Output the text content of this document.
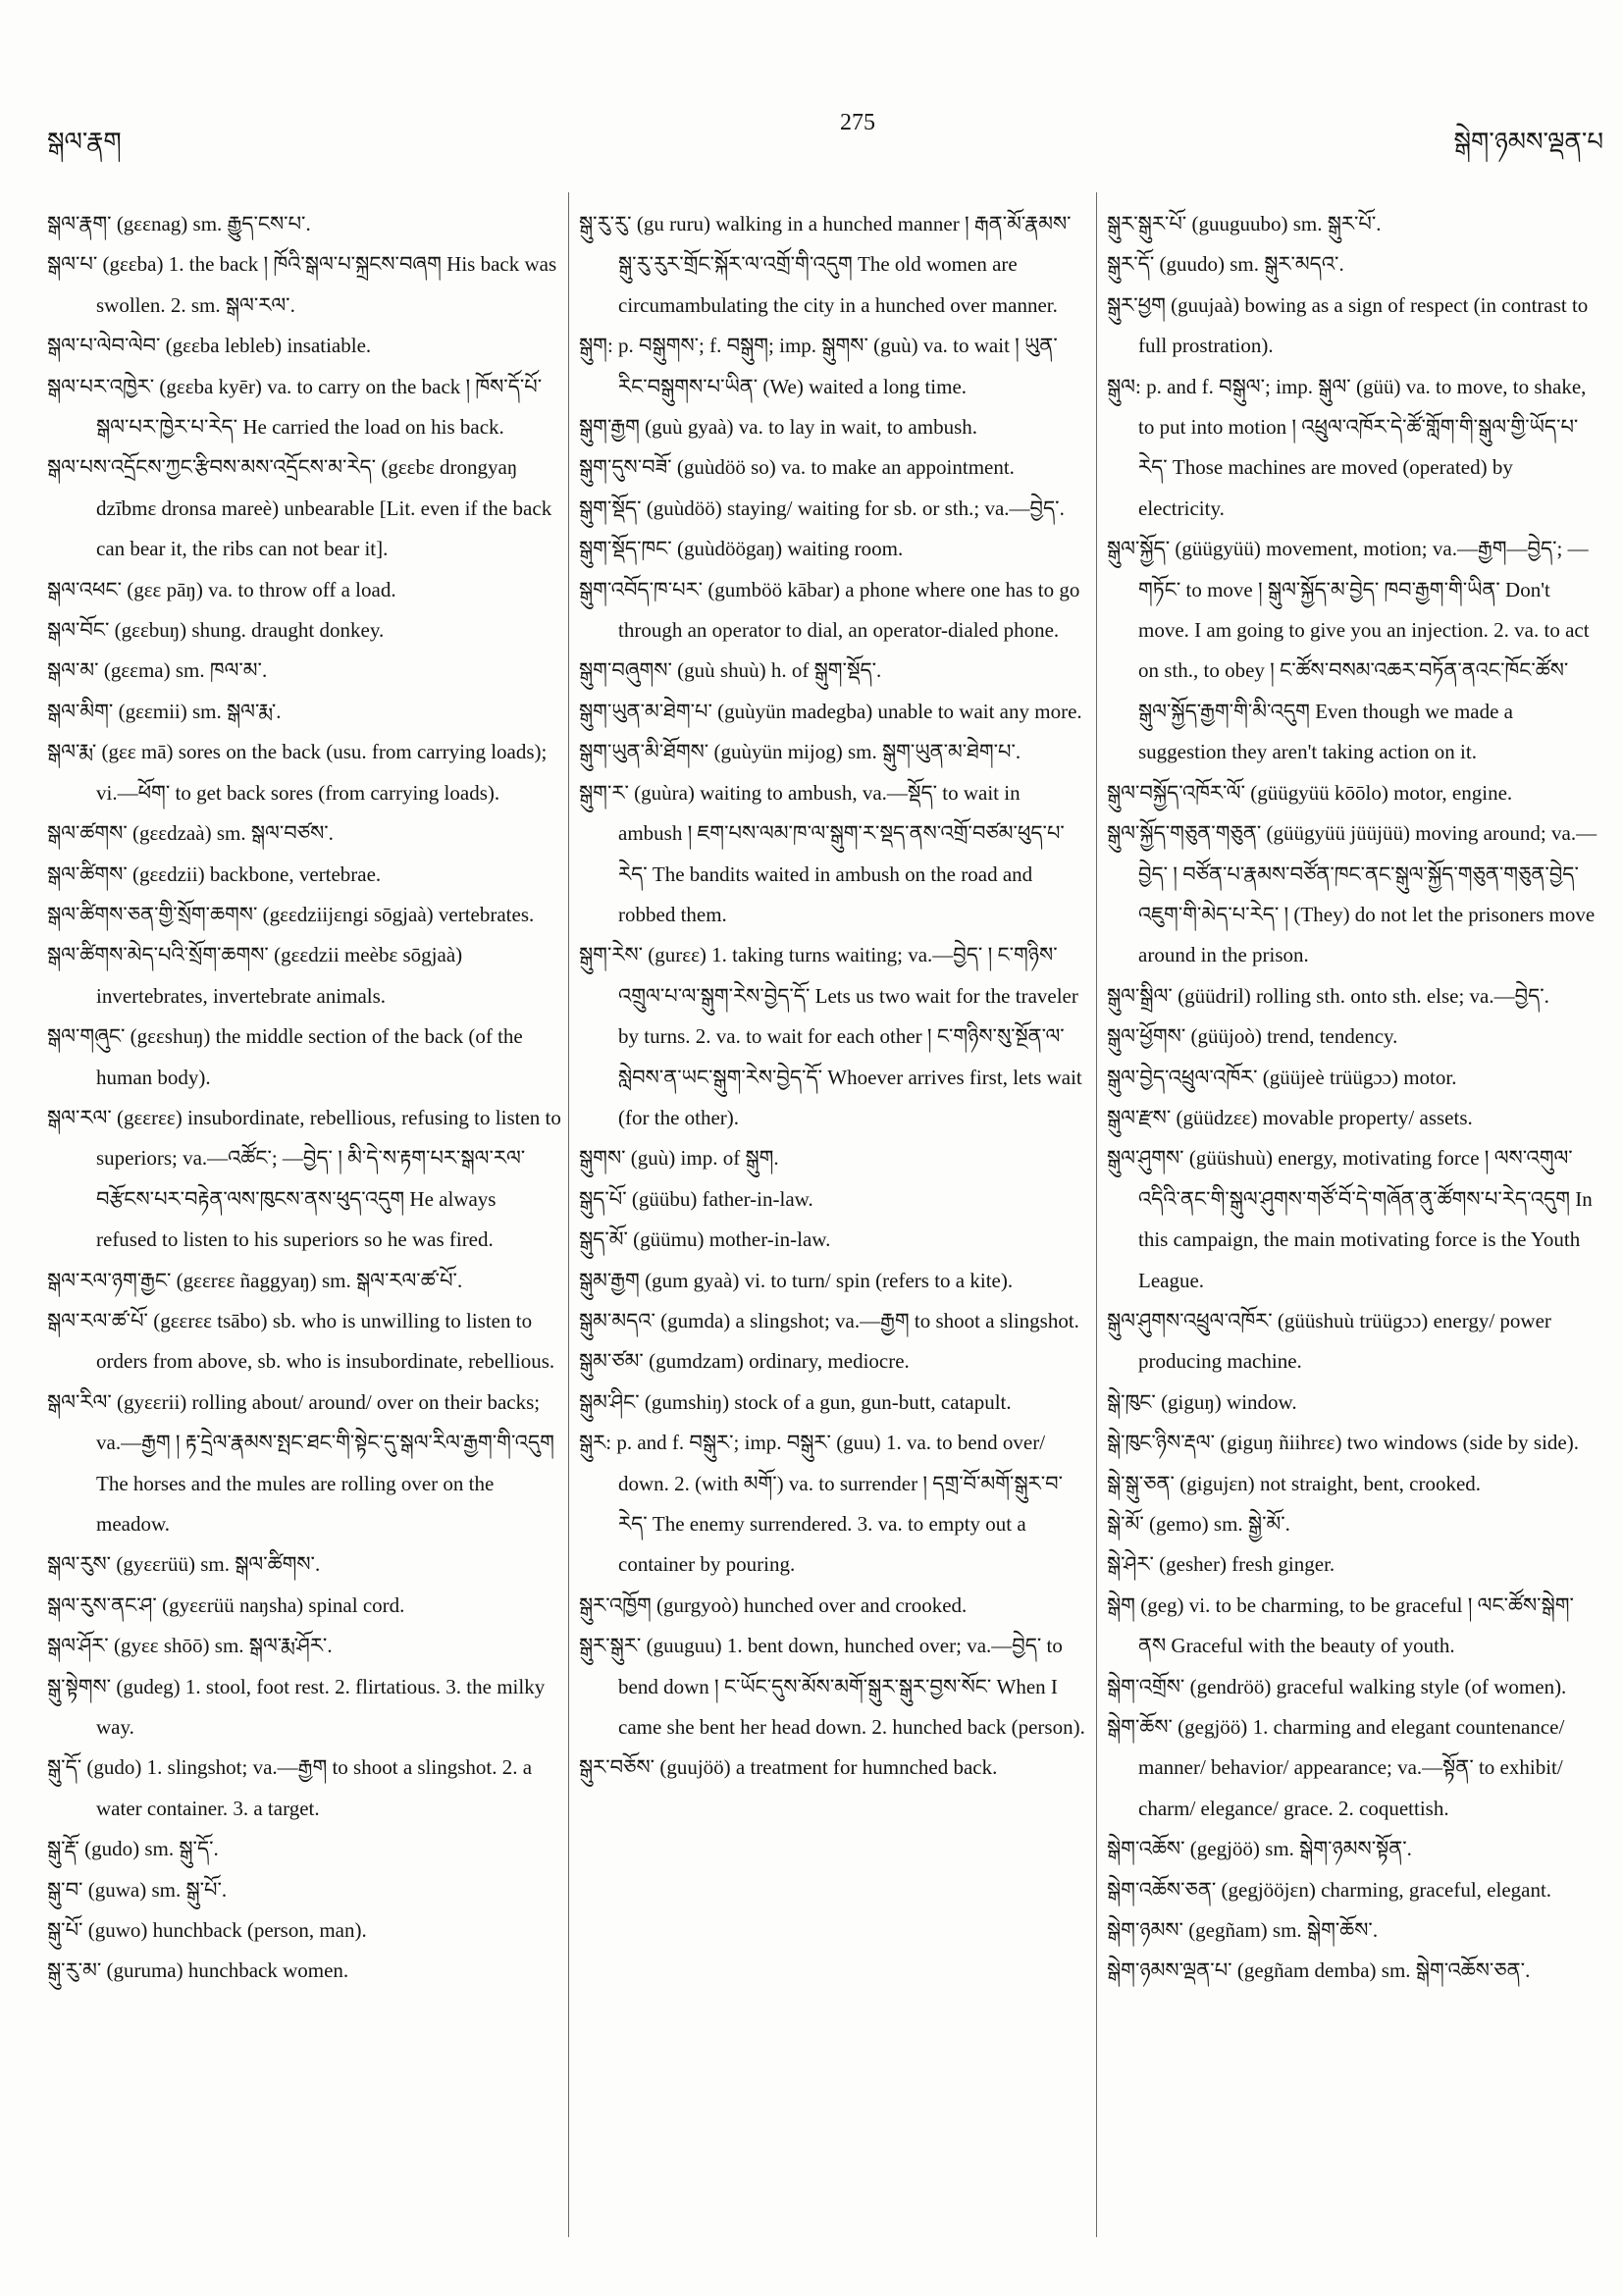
སྒལ་རྣག
275
སྒེག་ཉམས་ལྡན་པ

སྒལ་རྣག་ (gɛɛnag) sm. རྒྱུད་ངས་པ་.

སྒལ་པ་ (gɛɛba) 1. the back ། ཁོའི་སྒལ་པ་སྐྲངས་བཞག His back was swollen. 2. sm. སྒལ་རལ་.

སྒལ་པ་ལེབ་ལེབ་ (gɛɛba lebleb) insatiable.

སྒལ་པར་འཁྱེར་ (gɛɛba kyēr) va. to carry on the back ། ཁོས་དོ་པོ་སྒལ་པར་ཁྱེར་པ་རེད་ He carried the load on his back.

སྒལ་པས་འདྲོངས་ཀྱང་རྩིབས་མས་འདྲོངས་མ་རེད་ (gɛɛbɛ drongyaŋ dzībmɛ dronsa mareè) unbearable [Lit. even if the back can bear it, the ribs can not bear it].

སྒལ་འཕང་ (gɛɛ pāŋ) va. to throw off a load.

སྒལ་བོང་ (gɛɛbuŋ) shung. draught donkey.

སྒལ་མ་ (gɛɛma) sm. ཁལ་མ་.

སྒལ་མིག་ (gɛɛmii) sm. སྒལ་རྨ་.

སྒལ་རྨ་ (gɛɛ mā) sores on the back (usu. from carrying loads); vi.—ཕོག་ to get back sores (from carrying loads).

སྒལ་ཚགས་ (gɛɛdzaà) sm. སྒལ་བཙས་.

སྒལ་ཚིགས་ (gɛɛdzii) backbone, vertebrae.

སྒལ་ཚིགས་ཅན་གྱི་སྲོག་ཆགས་ (gɛɛdziijɛngi sōgjaà) vertebrates.

སྒལ་ཚིགས་མེད་པའི་སྲོག་ཆགས་ (gɛɛdzii meèbɛ sōgjaà) invertebrates, invertebrate animals.

སྒལ་གཞུང་ (gɛɛshuŋ) the middle section of the back (of the human body).

སྒལ་རལ་ (gɛɛrɛɛ) insubordinate, rebellious, refusing to listen to superiors; va.—འཚོང་; —བྱེད་ ། མི་དེ་ས་རྟག་པར་སྒལ་རལ་བརྩོངས་པར་བརྟེན་ལས་ཁུངས་ནས་ཕུད་འདུག He always refused to listen to his superiors so he was fired.

སྒལ་རལ་ཉག་རྒྱང་ (gɛɛrɛɛ ñaggyaŋ) sm. སྒལ་རལ་ཚ་པོ་.

སྒལ་རལ་ཚ་པོ་ (gɛɛrɛɛ tsābo) sb. who is unwilling to listen to orders from above, sb. who is insubordinate, rebellious.

སྒལ་རིལ་ (gyɛɛrii) rolling about/ around/ over on their backs; va.—རྒྱག ། རྟ་དྲེལ་རྣམས་སྤང་ཐང་གི་སྟེང་དུ་སྒལ་རིལ་རྒྱག་གི་འདུག The horses and the mules are rolling over on the meadow.

སྒལ་རུས་ (gyɛɛrüü) sm. སྒལ་ཚིགས་.

སྒལ་རུས་ནང་ཤ་ (gyɛɛrüü naŋsha) spinal cord.

སྒལ་ཤོར་ (gyɛɛ shōō) sm. སྒལ་རྨ་ཤོར་.

སྒུ་སྟེགས་ (gudeg) 1. stool, foot rest. 2. flirtatious. 3. the milky way.

སྒུ་དོ་ (gudo) 1. slingshot; va.—རྒྱག to shoot a slingshot. 2. a water container. 3. a target.

སྒུ་རྡོ་ (gudo) sm. སྒུ་དོ་.

སྒུ་བ་ (guwa) sm. སྒུ་པོ་.

སྒུ་པོ་ (guwo) hunchback (person, man).

སྒུ་རུ་མ་ (guruma) hunchback women.

སྒུ་རུ་རུ་ (gu ruru) walking in a hunched manner ། རྒན་མོ་རྣམས་སྒུ་རུ་རུར་གྲོང་སྐོར་ལ་འགྲོ་གི་འདུག The old women are circumambulating the city in a hunched over manner.

སྒུག: p. བསྒུགས་; f. བསྒུག; imp. སྒུགས་ (guù) va. to wait ། ཡུན་རིང་བསྒུགས་པ་ཡིན་ (We) waited a long time.

སྒུག་རྒྱག (guù gyaà) va. to lay in wait, to ambush.

སྒུག་དུས་བཟོ་ (guùdöö so) va. to make an appointment.

སྒུག་སྡོད་ (guùdöö) staying/ waiting for sb. or sth.; va.—བྱེད་.

སྒུག་སྡོད་ཁང་ (guùdöögaŋ) waiting room.

སྒུག་འབོད་ཁ་པར་ (gumböö kābar) a phone where one has to go through an operator to dial, an operator-dialed phone.

སྒུག་བཞུགས་ (guù shuù) h. of སྒུག་སྡོད་.

སྒུག་ཡུན་མ་ཐེག་པ་ (guùyün madegba) unable to wait any more.

སྒུག་ཡུན་མི་ཐོགས་ (guùyün mijog) sm. སྒུག་ཡུན་མ་ཐེག་པ་.

སྒུག་ར་ (guùra) waiting to ambush, va.—སྡོད་ to wait in ambush ། ཇག་པས་ལམ་ཁ་ལ་སྒུག་ར་སྡད་ནས་འགྲོ་བཙམ་ཕུད་པ་རེད་ The bandits waited in ambush on the road and robbed them.

སྒུག་རེས་ (gurɛɛ) 1. taking turns waiting; va.—བྱེད་ ། ང་གཉིས་འགྲུལ་པ་ལ་སྒུག་རེས་བྱེད་དོ་ Lets us two wait for the traveler by turns. 2. va. to wait for each other ། ང་གཉིས་སུ་སྔོན་ལ་སླེབས་ན་ཡང་སྒུག་རེས་བྱེད་དོ་ Whoever arrives first, lets wait (for the other).

སྒུགས་ (guù) imp. of སྒུག.

སྒུད་པོ་ (güübu) father-in-law.

སྒུད་མོ་ (güümu) mother-in-law.

སྒུམ་རྒྱག (gum gyaà) vi. to turn/ spin (refers to a kite).

སྒུམ་མདའ་ (gumda) a slingshot; va.—རྒྱག to shoot a slingshot.

སྒུམ་ཙམ་ (gumdzam) ordinary, mediocre.

སྒུམ་ཤིང་ (gumshiŋ) stock of a gun, gun-butt, catapult.

སྒུར: p. and f. བསྒུར་; imp. བསྒུར་ (guu) 1. va. to bend over/ down. 2. (with མགོ་) va. to surrender ། དགྲ་བོ་མགོ་སྒུར་བ་རེད་ The enemy surrendered. 3. va. to empty out a container by pouring.

སྒུར་འཁྱོག (gurgyoò) hunched over and crooked.

སྒུར་སྒུར་ (guuguu) 1. bent down, hunched over; va.—བྱེད་ to bend down ། ང་ཡོང་དུས་མོས་མགོ་སྒུར་སྒུར་བྱས་སོང་ When I came she bent her head down. 2. hunched back (person).

སྒུར་བཅོས་ (guujöö) a treatment for humnched back.

སྒུར་སྒུར་པོ་ (guuguubo) sm. སྒུར་པོ་.

སྒུར་དོ་ (guudo) sm. སྒུར་མདའ་.

སྒུར་ཕྱག (guujaà) bowing as a sign of respect (in contrast to full prostration).

སྒུལ: p. and f. བསྒུལ་; imp. སྒུལ་ (güü) va. to move, to shake, to put into motion ། འཕྲུལ་འཁོར་དེ་ཚོ་གློག་གི་སྒུལ་གྱི་ཡོད་པ་རེད་ Those machines are moved (operated) by electricity.

སྒུལ་སྐྱོད་ (güügyüü) movement, motion; va.—རྒྱག—བྱེད་; —གཏོང་ to move ། སྒུལ་སྐྱོད་མ་བྱེད་ ཁབ་རྒྱག་གི་ཡིན་ Don't move. I am going to give you an injection. 2. va. to act on sth., to obey ། ང་ཚོས་བསམ་འཆར་བཏོན་ནའང་ཁོང་ཚོས་སྒུལ་སྐྱོད་རྒྱག་གི་མི་འདུག Even though we made a suggestion they aren't taking action on it.

སྒུལ་བསྐྱོད་འཁོར་ལོ་ (güügyüü kōōlo) motor, engine.

སྒུལ་སྐྱོད་གཅུན་གཅུན་ (güügyüü jüüjüü) moving around; va.—བྱེད་ ། བཙོན་པ་རྣམས་བཙོན་ཁང་ནང་སྒུལ་སྐྱོད་གཅུན་གཅུན་བྱེད་འཇུག་གི་མེད་པ་རེད་ ། (They) do not let the prisoners move around in the prison.

སྒུལ་སྒྲིལ་ (güüdril) rolling sth. onto sth. else; va.—བྱེད་.

སྒུལ་ཕྱོགས་ (güüjoò) trend, tendency.

སྒུལ་བྱེད་འཕྲུལ་འཁོར་ (güüjeè trüügɔɔ) motor.

སྒུལ་རྫས་ (güüdzɛɛ) movable property/ assets.

སྒུལ་ཤུགས་ (güüshuù) energy, motivating force ། ལས་འགུལ་འདིའི་ནང་གི་སྒུལ་ཤུགས་གཙོ་བོ་དེ་གཞོན་ནུ་ཚོགས་པ་རེད་འདུག In this campaign, the main motivating force is the Youth League.

སྒུལ་ཤུགས་འཕྲུལ་འཁོར་ (güüshuù trüügɔɔ) energy/ power producing machine.

སྒེ་ཁུང་ (giguŋ) window.

སྒེ་ཁུང་ཉིས་རྡལ་ (giguŋ ñiihrɛɛ) two windows (side by side).

སྒེ་སྒུ་ཅན་ (gigujɛn) not straight, bent, crooked.

སྒེ་མོ་ (gemo) sm. སྒྱེ་མོ་.

སྒེ་ཤེར་ (gesher) fresh ginger.

སྒེག (geg) vi. to be charming, to be graceful ། ལང་ཚོས་སྒེག་ནས Graceful with the beauty of youth.

སྒེག་འགྲོས་ (gendröö) graceful walking style (of women).

སྒེག་ཆོས་ (gegjöö) 1. charming and elegant countenance/ manner/ behavior/ appearance; va.—སྟོན་ to exhibit/ charm/ elegance/ grace. 2. coquettish.

སྒེག་འཆོས་ (gegjöö) sm. སྒེག་ཉམས་སྟོན་.

སྒེག་འཆོས་ཅན་ (gegjööjɛn) charming, graceful, elegant.

སྒེག་ཉམས་ (gegñam) sm. སྒེག་ཆོས་.

སྒེག་ཉམས་ལྡན་པ་ (gegñam demba) sm. སྒེག་འཆོས་ཅན་.
